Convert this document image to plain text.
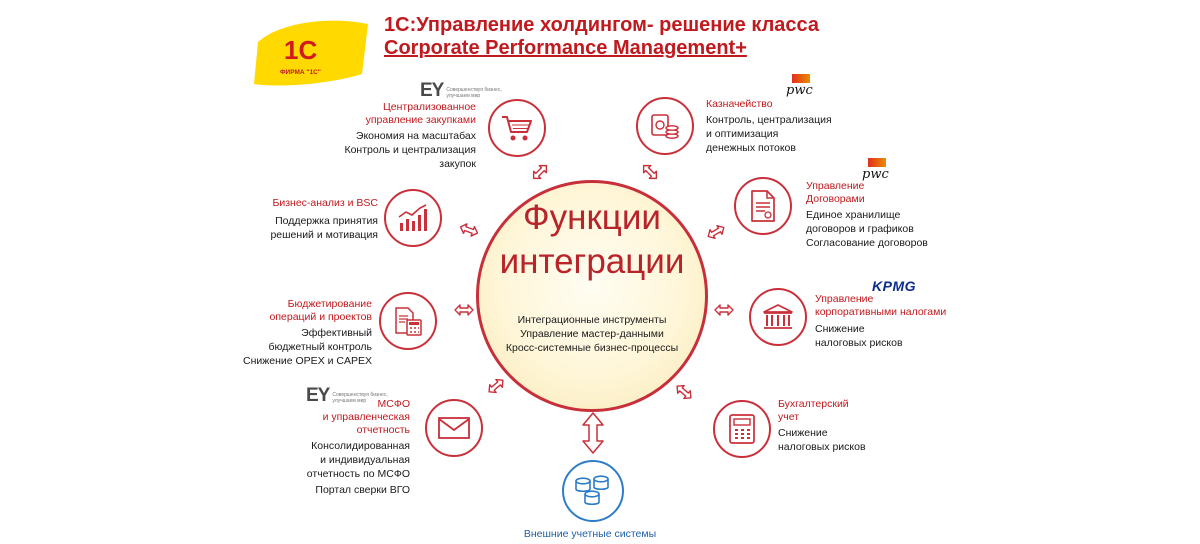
1С:Управление холдингом- решение класса
Corporate Performance Management+
1С
ФИРМА "1С"
Функции
интеграции
Интеграционные инструменты
Управление мастер-данными
Кросс-системные бизнес-процессы
EY Совершенствуя бизнес,
улучшаем мир
Централизованное
управление закупками
Экономия на масштабах
Контроль и централизация
закупок
pwc
Казначейство
Контроль, централизация
и оптимизация
денежных потоков
Бизнес-анализ и BSC
Поддержка принятия
решений и мотивация
pwc
Управление
Договорами
Единое хранилище
договоров и графиков
Согласование договоров
Бюджетирование
операций и проектов
Эффективный
бюджетный контроль
Снижение OPEX и CAPEX
KPMG
Управление
корпоративными налогами
Снижение
налоговых рисков
EY Совершенствуя бизнес,
улучшаем мир	МСФО
и управленческая
отчетность
Консолидированная
и индивидуальная
отчетность по МСФО
Портал сверки ВГО
Бухгалтерский
учет
Снижение
налоговых рисков
Внешние учетные системы
